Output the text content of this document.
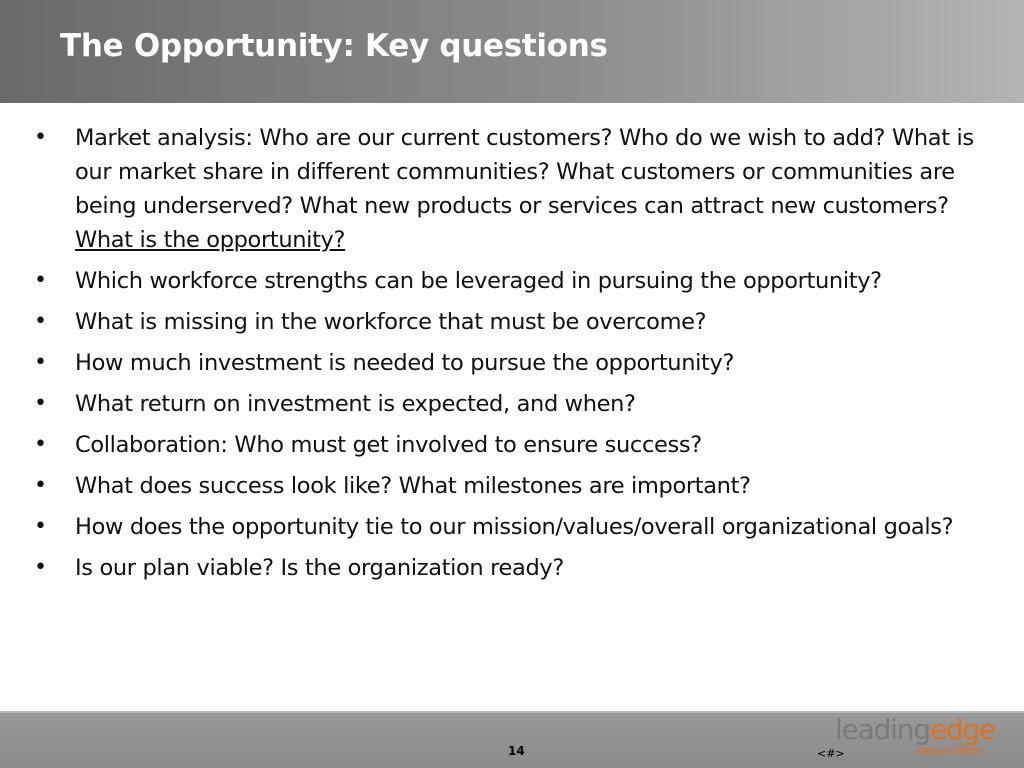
The Opportunity: Key questions
• Market analysis: Who are our current customers? Who do we wish to add? What is our market share in different communities? What customers or communities are being underserved? What new products or services can attract new customers? What is the opportunity?
• Which workforce strengths can be leveraged in pursuing the opportunity?
• What is missing in the workforce that must be overcome?
• How much investment is needed to pursue the opportunity?
• What return on investment is expected, and when?
• Collaboration: Who must get involved to ensure success?
• What does success look like? What milestones are important?
• How does the opportunity tie to our mission/values/overall organizational goals?
• Is our plan viable? Is the organization ready?
14	<#>
leadingedge
associates
